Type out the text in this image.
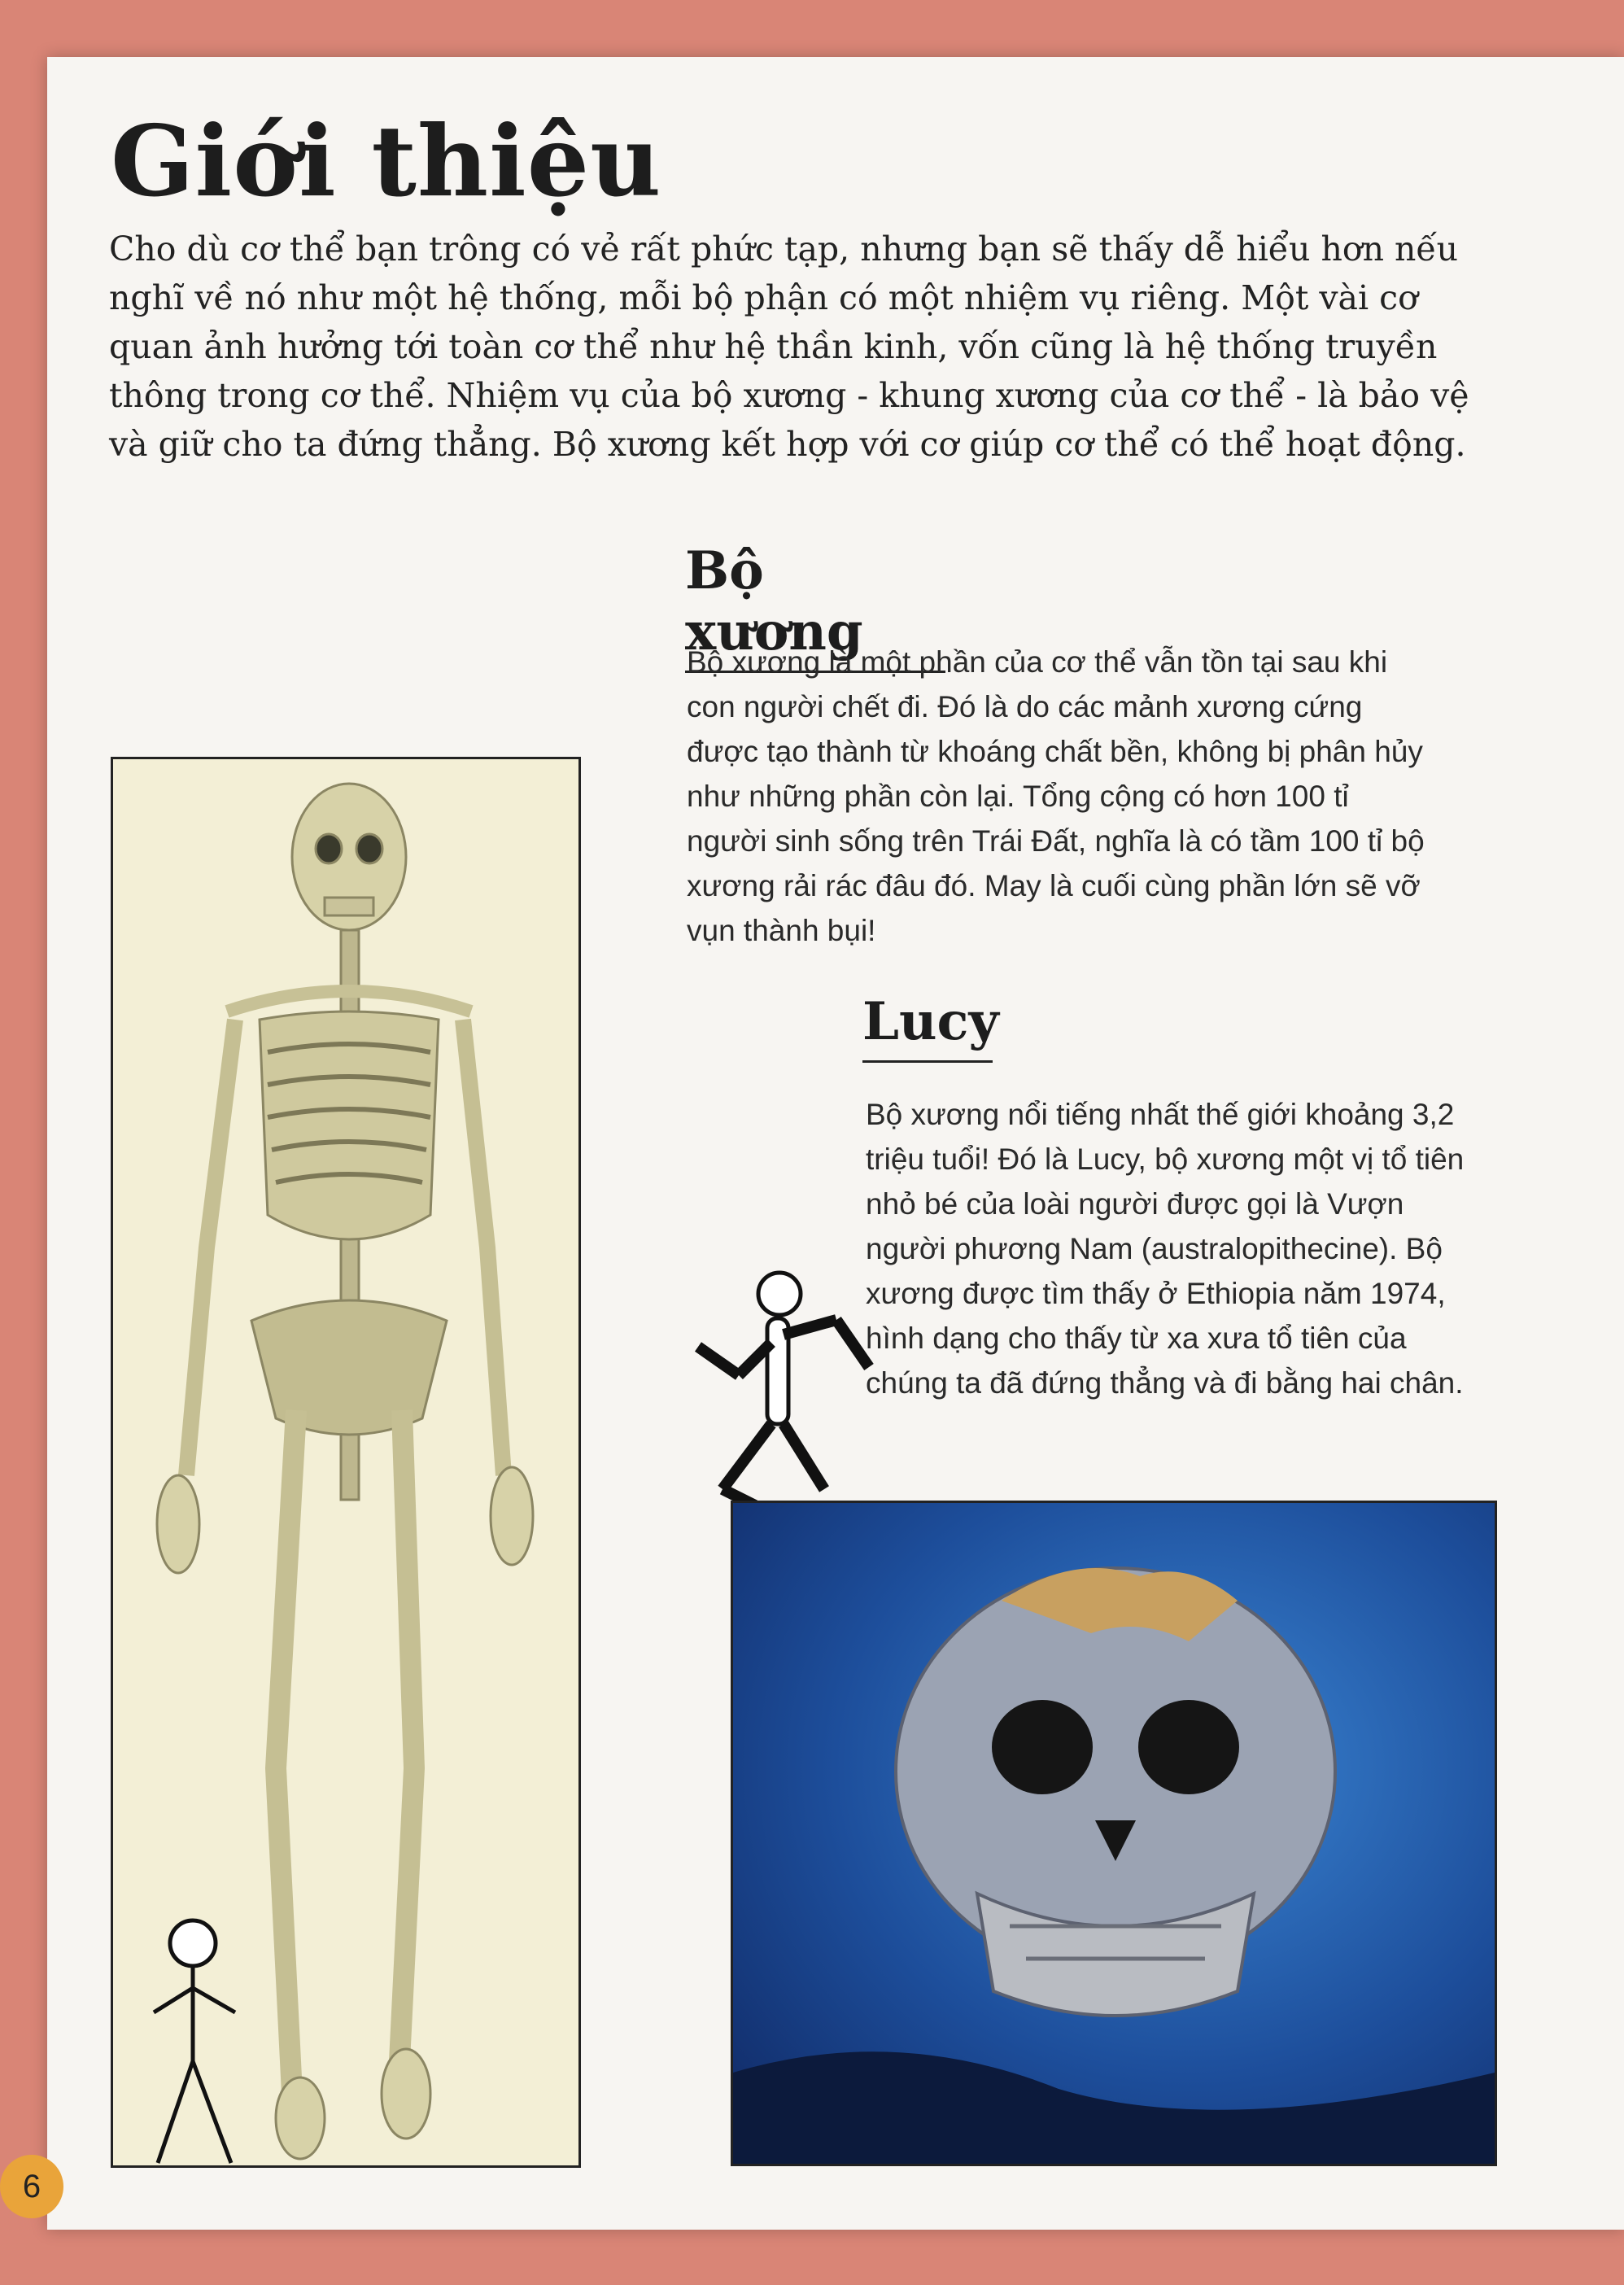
Giới thiệu

Cho dù cơ thể bạn trông có vẻ rất phức tạp, nhưng bạn sẽ thấy dễ hiểu hơn nếu nghĩ về nó như một hệ thống, mỗi bộ phận có một nhiệm vụ riêng. Một vài cơ quan ảnh hưởng tới toàn cơ thể như hệ thần kinh, vốn cũng là hệ thống truyền thông trong cơ thể. Nhiệm vụ của bộ xương - khung xương của cơ thể - là bảo vệ và giữ cho ta đứng thẳng. Bộ xương kết hợp với cơ giúp cơ thể có thể hoạt động.

Bộ xương

Bộ xương là một phần của cơ thể vẫn tồn tại sau khi con người chết đi. Đó là do các mảnh xương cứng được tạo thành từ khoáng chất bền, không bị phân hủy như những phần còn lại. Tổng cộng có hơn 100 tỉ người sinh sống trên Trái Đất, nghĩa là có tầm 100 tỉ bộ xương rải rác đâu đó. May là cuối cùng phần lớn sẽ vỡ vụn thành bụi!

Lucy

Bộ xương nổi tiếng nhất thế giới khoảng 3,2 triệu tuổi! Đó là Lucy, bộ xương một vị tổ tiên nhỏ bé của loài người được gọi là Vượn người phương Nam (australopithecine). Bộ xương được tìm thấy ở Ethiopia năm 1974, hình dạng cho thấy từ xa xưa tổ tiên của chúng ta đã đứng thẳng và đi bằng hai chân.

6
